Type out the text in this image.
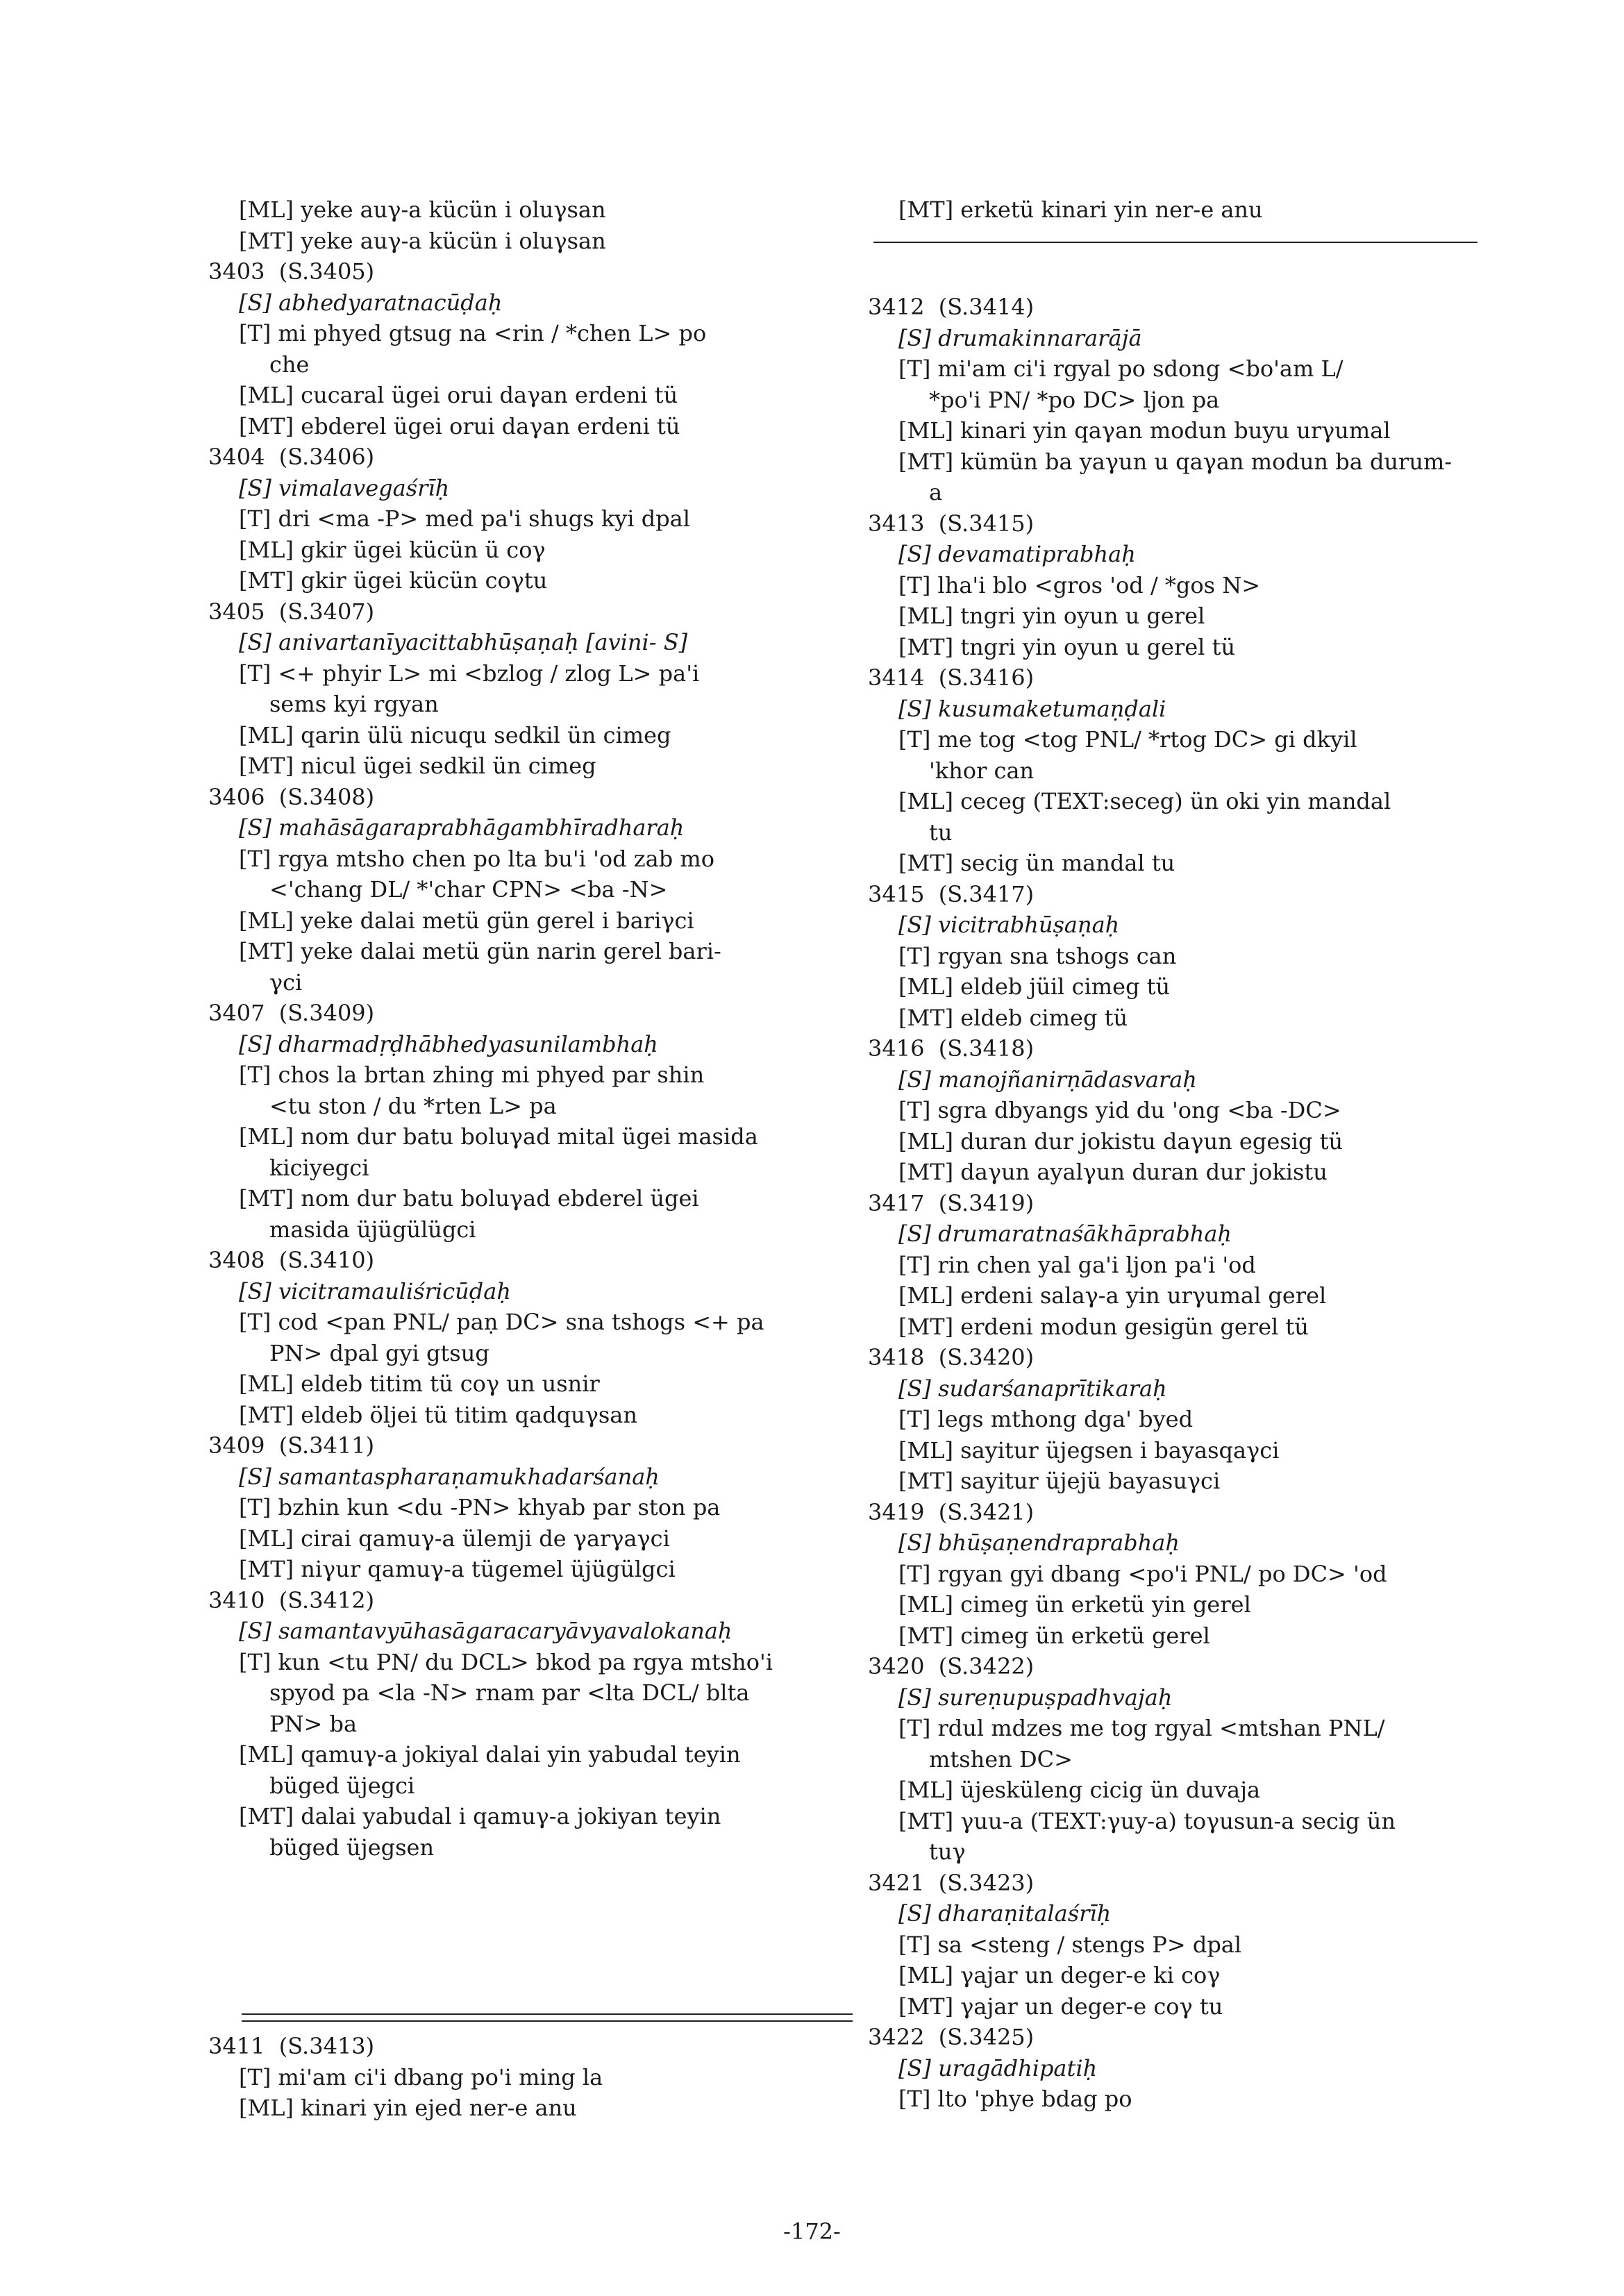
[ML] yeke auγ-a kücün i oluγsan
[MT] yeke auγ-a kücün i oluγsan
3403  (S.3405)
[S] abhedyaratnacūḍaḥ
[T] mi phyed gtsug na <rin / *chen L> po
che
[ML] cucaral ügei orui daγan erdeni tü
[MT] ebderel ügei orui daγan erdeni tü
3404  (S.3406)
[S] vimalavegaśrīḥ
[T] dri <ma -P> med pa'i shugs kyi dpal
[ML] gkir ügei kücün ü coγ
[MT] gkir ügei kücün coγtu
3405  (S.3407)
[S] anivartanīyacittabhūṣaṇaḥ [avini- S]
[T] <+ phyir L> mi <bzlog / zlog L> pa'i
sems kyi rgyan
[ML] qarin ülü nicuqu sedkil ün cimeg
[MT] nicul ügei sedkil ün cimeg
3406  (S.3408)
[S] mahāsāgaraprabhāgambhīradharaḥ
[T] rgya mtsho chen po lta bu'i 'od zab mo
<'chang DL/ *'char CPN> <ba -N>
[ML] yeke dalai metü gün gerel i bariγci
[MT] yeke dalai metü gün narin gerel bari-
γci
3407  (S.3409)
[S] dharmadṛḍhābhedyasunilambhaḥ
[T] chos la brtan zhing mi phyed par shin
<tu ston / du *rten L> pa
[ML] nom dur batu boluγad mital ügei masida
kiciyegci
[MT] nom dur batu boluγad ebderel ügei
masida üjügülügci
3408  (S.3410)
[S] vicitramauliśricūḍaḥ
[T] cod <pan PNL/ paṇ DC> sna tshogs <+ pa
PN> dpal gyi gtsug
[ML] eldeb titim tü coγ un usnir
[MT] eldeb öljei tü titim qadquγsan
3409  (S.3411)
[S] samantaspharaṇamukhadarśanaḥ
[T] bzhin kun <du -PN> khyab par ston pa
[ML] cirai qamuγ-a ülemji de γarγaγci
[MT] niγur qamuγ-a tügemel üjügülgci
3410  (S.3412)
[S] samantavyūhasāgaracaryāvyavalokanaḥ
[T] kun <tu PN/ du DCL> bkod pa rgya mtsho'i
spyod pa <la -N> rnam par <lta DCL/ blta
PN> ba
[ML] qamuγ-a jokiyal dalai yin yabudal teyin
büged üjegci
[MT] dalai yabudal i qamuγ-a jokiyan teyin
büged üjegsen
3411  (S.3413)
[T] mi'am ci'i dbang po'i ming la
[ML] kinari yin ejed ner-e anu
[MT] erketü kinari yin ner-e anu
3412  (S.3414)
[S] drumakinnararājā
[T] mi'am ci'i rgyal po sdong <bo'am L/
*po'i PN/ *po DC> ljon pa
[ML] kinari yin qaγan modun buyu urγumal
[MT] kümün ba yaγun u qaγan modun ba durum-
a
3413  (S.3415)
[S] devamatiprabhaḥ
[T] lha'i blo <gros 'od / *gos N>
[ML] tngri yin oyun u gerel
[MT] tngri yin oyun u gerel tü
3414  (S.3416)
[S] kusumaketumaṇḍali
[T] me tog <tog PNL/ *rtog DC> gi dkyil
'khor can
[ML] ceceg (TEXT:seceg) ün oki yin mandal
tu
[MT] secig ün mandal tu
3415  (S.3417)
[S] vicitrabhūṣaṇaḥ
[T] rgyan sna tshogs can
[ML] eldeb jüil cimeg tü
[MT] eldeb cimeg tü
3416  (S.3418)
[S] manojñanirṇādasvaraḥ
[T] sgra dbyangs yid du 'ong <ba -DC>
[ML] duran dur jokistu daγun egesig tü
[MT] daγun ayalγun duran dur jokistu
3417  (S.3419)
[S] drumaratnaśākhāprabhaḥ
[T] rin chen yal ga'i ljon pa'i 'od
[ML] erdeni salaγ-a yin urγumal gerel
[MT] erdeni modun gesigün gerel tü
3418  (S.3420)
[S] sudarśanaprītikaraḥ
[T] legs mthong dga' byed
[ML] sayitur üjegsen i bayasqaγci
[MT] sayitur üjejü bayasuγci
3419  (S.3421)
[S] bhūṣaṇendraprabhaḥ
[T] rgyan gyi dbang <po'i PNL/ po DC> 'od
[ML] cimeg ün erketü yin gerel
[MT] cimeg ün erketü gerel
3420  (S.3422)
[S] sureṇupuṣpadhvajaḥ
[T] rdul mdzes me tog rgyal <mtshan PNL/
mtshen DC>
[ML] üjesküleng cicig ün duvaja
[MT] γuu-a (TEXT:γuy-a) toγusun-a secig ün
tuγ
3421  (S.3423)
[S] dharaṇitalaśrīḥ
[T] sa <steng / stengs P> dpal
[ML] γajar un deger-e ki coγ
[MT] γajar un deger-e coγ tu
3422  (S.3425)
[S] uragādhipatiḥ
[T] lto 'phye bdag po
-172-
